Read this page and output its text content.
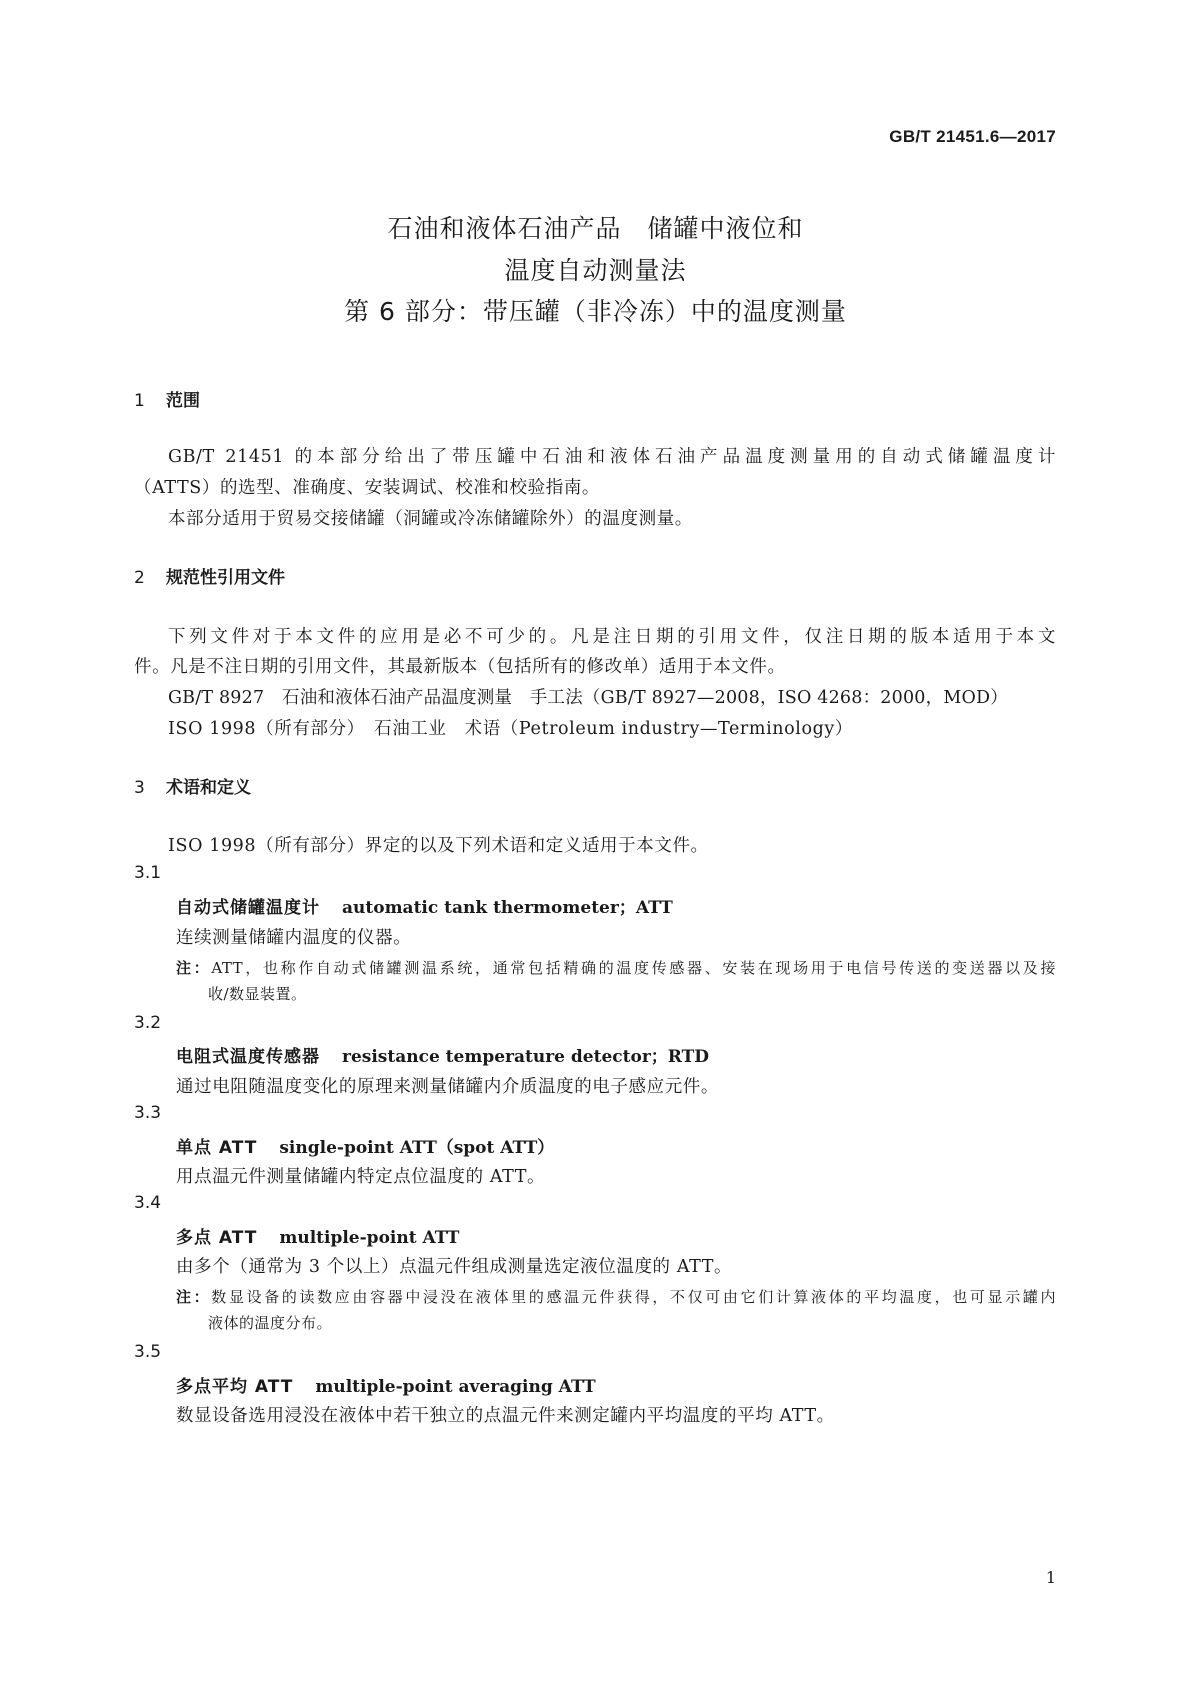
GB/T 21451.6—2017
石油和液体石油产品　储罐中液位和
温度自动测量法
第 6 部分：带压罐（非冷冻）中的温度测量
1 范围
GB/T 21451 的本部分给出了带压罐中石油和液体石油产品温度测量用的自动式储罐温度计
（ATTS）的选型、准确度、安装调试、校准和校验指南。
本部分适用于贸易交接储罐（洞罐或冷冻储罐除外）的温度测量。
2 规范性引用文件
下列文件对于本文件的应用是必不可少的。凡是注日期的引用文件，仅注日期的版本适用于本文
件。凡是不注日期的引用文件，其最新版本（包括所有的修改单）适用于本文件。
GB/T 8927　石油和液体石油产品温度测量　手工法（GB/T 8927—2008，ISO 4268：2000，MOD）
ISO 1998（所有部分）　石油工业　术语（Petroleum industry—Terminology）
3 术语和定义
ISO 1998（所有部分）界定的以及下列术语和定义适用于本文件。
3.1
自动式储罐温度计 automatic tank thermometer；ATT
连续测量储罐内温度的仪器。
注：ATT，也称作自动式储罐测温系统，通常包括精确的温度传感器、安装在现场用于电信号传送的变送器以及接
收/数显装置。
3.2
电阻式温度传感器 resistance temperature detector；RTD
通过电阻随温度变化的原理来测量储罐内介质温度的电子感应元件。
3.3
单点 ATT single-point ATT（spot ATT）
用点温元件测量储罐内特定点位温度的 ATT。
3.4
多点 ATT multiple-point ATT
由多个（通常为 3 个以上）点温元件组成测量选定液位温度的 ATT。
注：数显设备的读数应由容器中浸没在液体里的感温元件获得，不仅可由它们计算液体的平均温度，也可显示罐内
液体的温度分布。
3.5
多点平均 ATT multiple-point averaging ATT
数显设备选用浸没在液体中若干独立的点温元件来测定罐内平均温度的平均 ATT。
1
